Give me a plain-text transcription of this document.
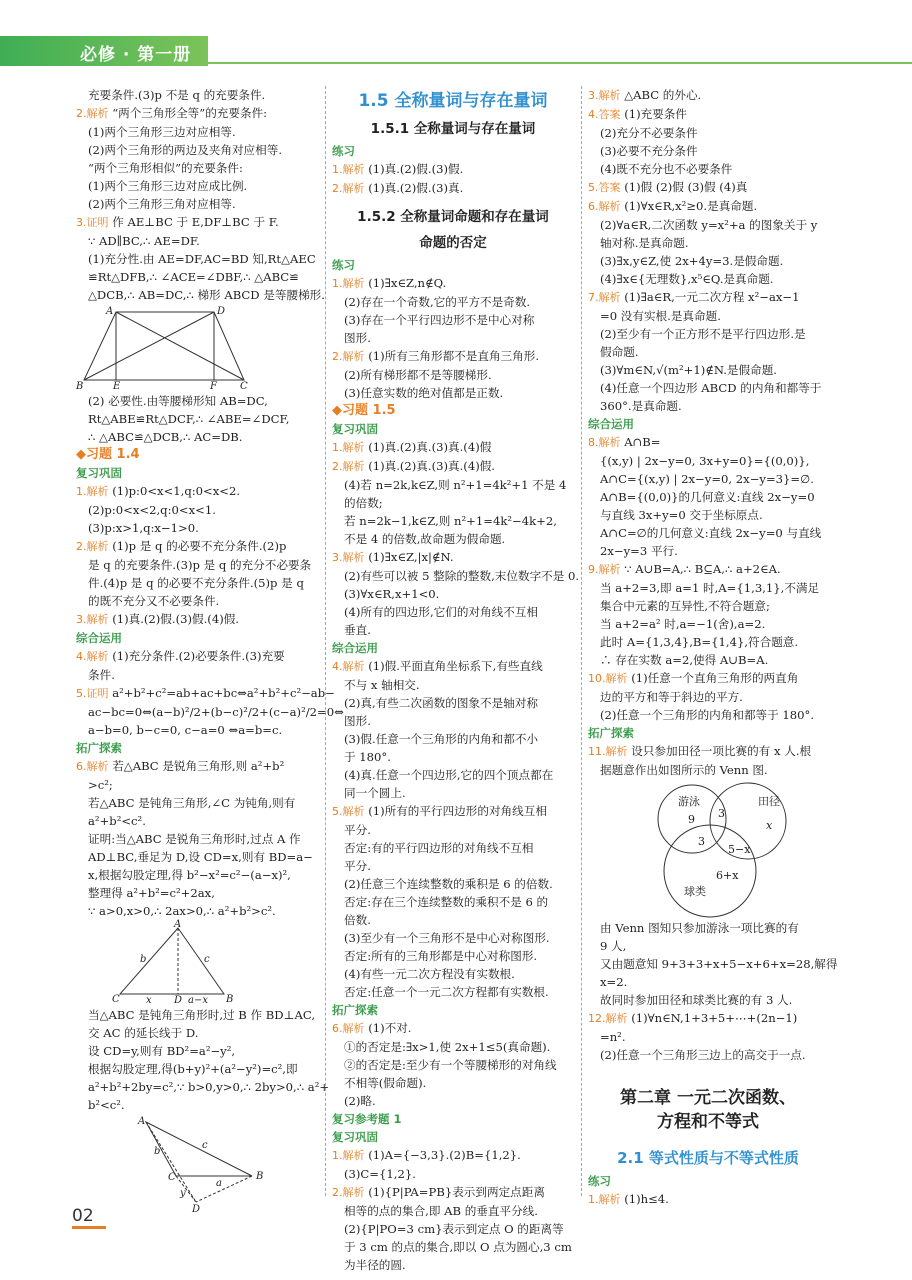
必修 · 第一册
充要条件.(3)p 不是 q 的充要条件.
2.解析 “两个三角形全等”的充要条件:
(1)两个三角形三边对应相等.
(2)两个三角形的两边及夹角对应相等.
“两个三角形相似”的充要条件:
(1)两个三角形三边对应成比例.
(2)两个三角形三角对应相等.
3.证明 作 AE⊥BC 于 E,DF⊥BC 于 F.
∵ AD∥BC,∴ AE=DF.
(1)充分性.由 AE=DF,AC=BD 知,Rt△AEC
≌Rt△DFB,∴ ∠ACE=∠DBF,∴ △ABC≌
△DCB,∴ AB=DC,∴ 梯形 ABCD 是等腰梯形.
A	D
B	E	F C
(2) 必要性.由等腰梯形知 AB=DC,
Rt△ABE≌Rt△DCF,∴ ∠ABE=∠DCF,
∴ △ABC≌△DCB,∴ AC=DB.
◆习题 1.4
复习巩固
1.解析 (1)p:0<x<1,q:0<x<2.
(2)p:0<x<2,q:0<x<1.
(3)p:x>1,q:x−1>0.
2.解析 (1)p 是 q 的必要不充分条件.(2)p
是 q 的充要条件.(3)p 是 q 的充分不必要条
件.(4)p 是 q 的必要不充分条件.(5)p 是 q
的既不充分又不必要条件.
3.解析 (1)真.(2)假.(3)假.(4)假.
综合运用
4.解析 (1)充分条件.(2)必要条件.(3)充要
条件.
5.证明 a²+b²+c²=ab+ac+bc⇔a²+b²+c²−ab−
ac−bc=0⇔(a−b)²/2+(b−c)²/2+(c−a)²/2=0⇔
a−b=0, b−c=0, c−a=0 ⇔a=b=c.
拓广探索
6.解析 若△ABC 是锐角三角形,则 a²+b²
>c²;
若△ABC 是钝角三角形,∠C 为钝角,则有
a²+b²<c².
证明:当△ABC 是锐角三角形时,过点 A 作
AD⊥BC,垂足为 D,设 CD=x,则有 BD=a−
x,根据勾股定理,得 b²−x²=c²−(a−x)²,
整理得 a²+b²=c²+2ax,
∵ a>0,x>0,∴ 2ax>0,∴ a²+b²>c².
A
b	c
C	x D a−x B
当△ABC 是钝角三角形时,过 B 作 BD⊥AC,
交 AC 的延长线于 D.
设 CD=y,则有 BD²=a²−y²,
根据勾股定理,得(b+y)²+(a²−y²)=c²,即
a²+b²+2by=c²,∵ b>0,y>0,∴ 2by>0,∴ a²+
b²<c².
A
b
c
C
a
B
y
D
1.5 全称量词与存在量词
1.5.1 全称量词与存在量词
练习
1.解析 (1)真.(2)假.(3)假.
2.解析 (1)真.(2)假.(3)真.
1.5.2 全称量词命题和存在量词
命题的否定
练习
1.解析 (1)∃x∈Z,n∉Q.
(2)存在一个奇数,它的平方不是奇数.
(3)存在一个平行四边形不是中心对称
图形.
2.解析 (1)所有三角形都不是直角三角形.
(2)所有梯形都不是等腰梯形.
(3)任意实数的绝对值都是正数.
◆习题 1.5
复习巩固
1.解析 (1)真.(2)真.(3)真.(4)假
2.解析 (1)真.(2)真.(3)真.(4)假.
(4)若 n=2k,k∈Z,则 n²+1=4k²+1 不是 4
的倍数;
若 n=2k−1,k∈Z,则 n²+1=4k²−4k+2,
不是 4 的倍数,故命题为假命题.
3.解析 (1)∃x∈Z,|x|∉N.
(2)有些可以被 5 整除的整数,末位数字不是 0.
(3)∀x∈R,x+1<0.
(4)所有的四边形,它们的对角线不互相
垂直.
综合运用
4.解析 (1)假.平面直角坐标系下,有些直线
不与 x 轴相交.
(2)真,有些二次函数的图象不是轴对称
图形.
(3)假.任意一个三角形的内角和都不小
于 180°.
(4)真.任意一个四边形,它的四个顶点都在
同一个圆上.
5.解析 (1)所有的平行四边形的对角线互相
平分.
否定:有的平行四边形的对角线不互相
平分.
(2)任意三个连续整数的乘积是 6 的倍数.
否定:存在三个连续整数的乘积不是 6 的
倍数.
(3)至少有一个三角形不是中心对称图形.
否定:所有的三角形都是中心对称图形.
(4)有些一元二次方程没有实数根.
否定:任意一个一元二次方程都有实数根.
拓广探索
6.解析 (1)不对.
①的否定是:∃x>1,使 2x+1≤5(真命题).
②的否定是:至少有一个等腰梯形的对角线
不相等(假命题).
(2)略.
复习参考题 1
复习巩固
1.解析 (1)A={−3,3}.(2)B={1,2}.
(3)C={1,2}.
2.解析 (1){P|PA=PB}表示到两定点距离
相等的点的集合,即 AB 的垂直平分线.
(2){P|PO=3 cm}表示到定点 O 的距离等
于 3 cm 的点的集合,即以 O 点为圆心,3 cm
为半径的圆.
3.解析 △ABC 的外心.
4.答案 (1)充要条件
(2)充分不必要条件
(3)必要不充分条件
(4)既不充分也不必要条件
5.答案 (1)假 (2)假 (3)假 (4)真
6.解析 (1)∀x∈R,x²≥0.是真命题.
(2)∀a∈R,二次函数 y=x²+a 的图象关于 y
轴对称.是真命题.
(3)∃x,y∈Z,使 2x+4y=3.是假命题.
(4)∃x∈{无理数},x⁵∈Q.是真命题.
7.解析 (1)∃a∈R,一元二次方程 x²−ax−1
=0 没有实根.是真命题.
(2)至少有一个正方形不是平行四边形.是
假命题.
(3)∀m∈N,√(m²+1)∉N.是假命题.
(4)任意一个四边形 ABCD 的内角和都等于
360°.是真命题.
综合运用
8.解析 A∩B=
{(x,y) | 2x−y=0, 3x+y=0}={(0,0)},
A∩C={(x,y) | 2x−y=0, 2x−y=3}=∅.
A∩B={(0,0)}的几何意义:直线 2x−y=0
与直线 3x+y=0 交于坐标原点.
A∩C=∅的几何意义:直线 2x−y=0 与直线
2x−y=3 平行.
9.解析 ∵ A∪B=A,∴ B⊆A,∴ a+2∈A.
当 a+2=3,即 a=1 时,A={1,3,1},不满足
集合中元素的互异性,不符合题意;
当 a+2=a² 时,a=−1(舍),a=2.
此时 A={1,3,4},B={1,4},符合题意.
∴ 存在实数 a=2,使得 A∪B=A.
10.解析 (1)任意一个直角三角形的两直角
边的平方和等于斜边的平方.
(2)任意一个三角形的内角和都等于 180°.
拓广探索
11.解析 设只参加田径一项比赛的有 x 人.根
据题意作出如图所示的 Venn 图.
游泳
9
田径
3
x
3
5−x
6+x
球类
由 Venn 图知只参加游泳一项比赛的有
9 人,
又由题意知 9+3+3+x+5−x+6+x=28,解得
x=2.
故同时参加田径和球类比赛的有 3 人.
12.解析 (1)∀n∈N,1+3+5+⋯+(2n−1)
=n².
(2)任意一个三角形三边上的高交于一点.
第二章 一元二次函数、
方程和不等式
2.1 等式性质与不等式性质
练习
1.解析 (1)h≤4.
02
